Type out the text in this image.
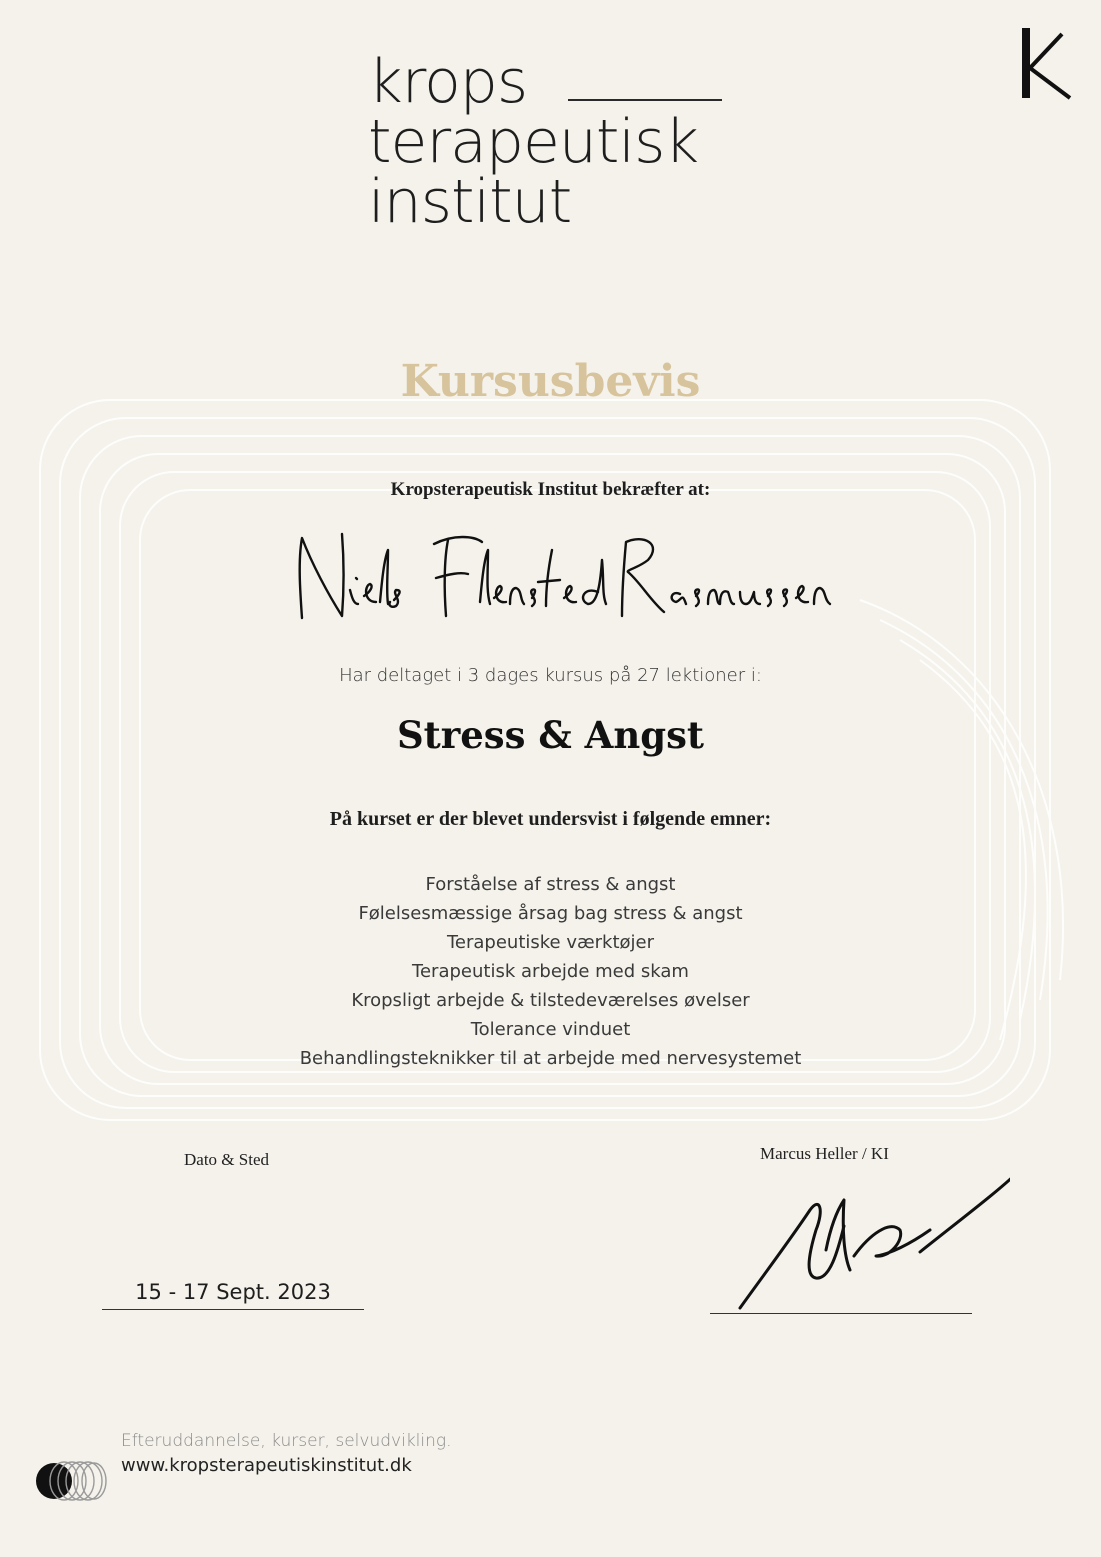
krops
terapeutisk
institut
Kursusbevis
Kropsterapeutisk Institut bekræfter at:
Har deltaget i 3 dages kursus på 27 lektioner i:
Stress & Angst
På kurset er der blevet undersvist i følgende emner:
Forståelse af stress & angst
Følelsesmæssige årsag bag stress & angst
Terapeutiske værktøjer
Terapeutisk arbejde med skam
Kropsligt arbejde & tilstedeværelses øvelser
Tolerance vinduet
Behandlingsteknikker til at arbejde med nervesystemet
Dato & Sted	Marcus Heller / KI
15 - 17 Sept. 2023
Efteruddannelse, kurser, selvudvikling.
www.kropsterapeutiskinstitut.dk
